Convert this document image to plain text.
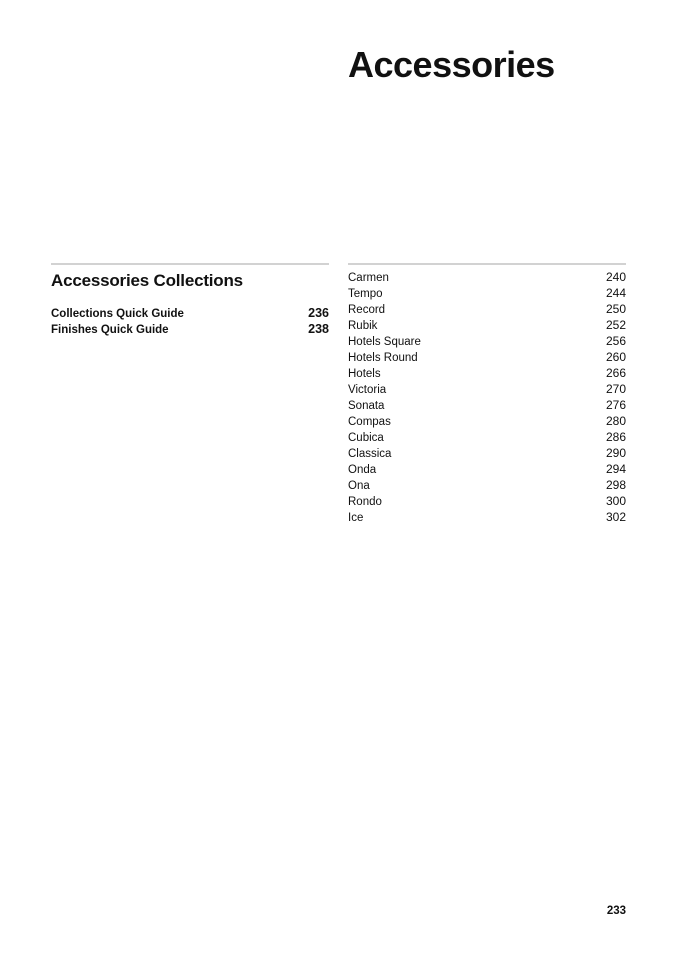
Accessories
Accessories Collections
Collections Quick Guide	236
Finishes Quick Guide	238
Carmen	240
Tempo	244
Record	250
Rubik	252
Hotels Square	256
Hotels Round	260
Hotels	266
Victoria	270
Sonata	276
Compas	280
Cubica	286
Classica	290
Onda	294
Ona	298
Rondo	300
Ice	302
233
